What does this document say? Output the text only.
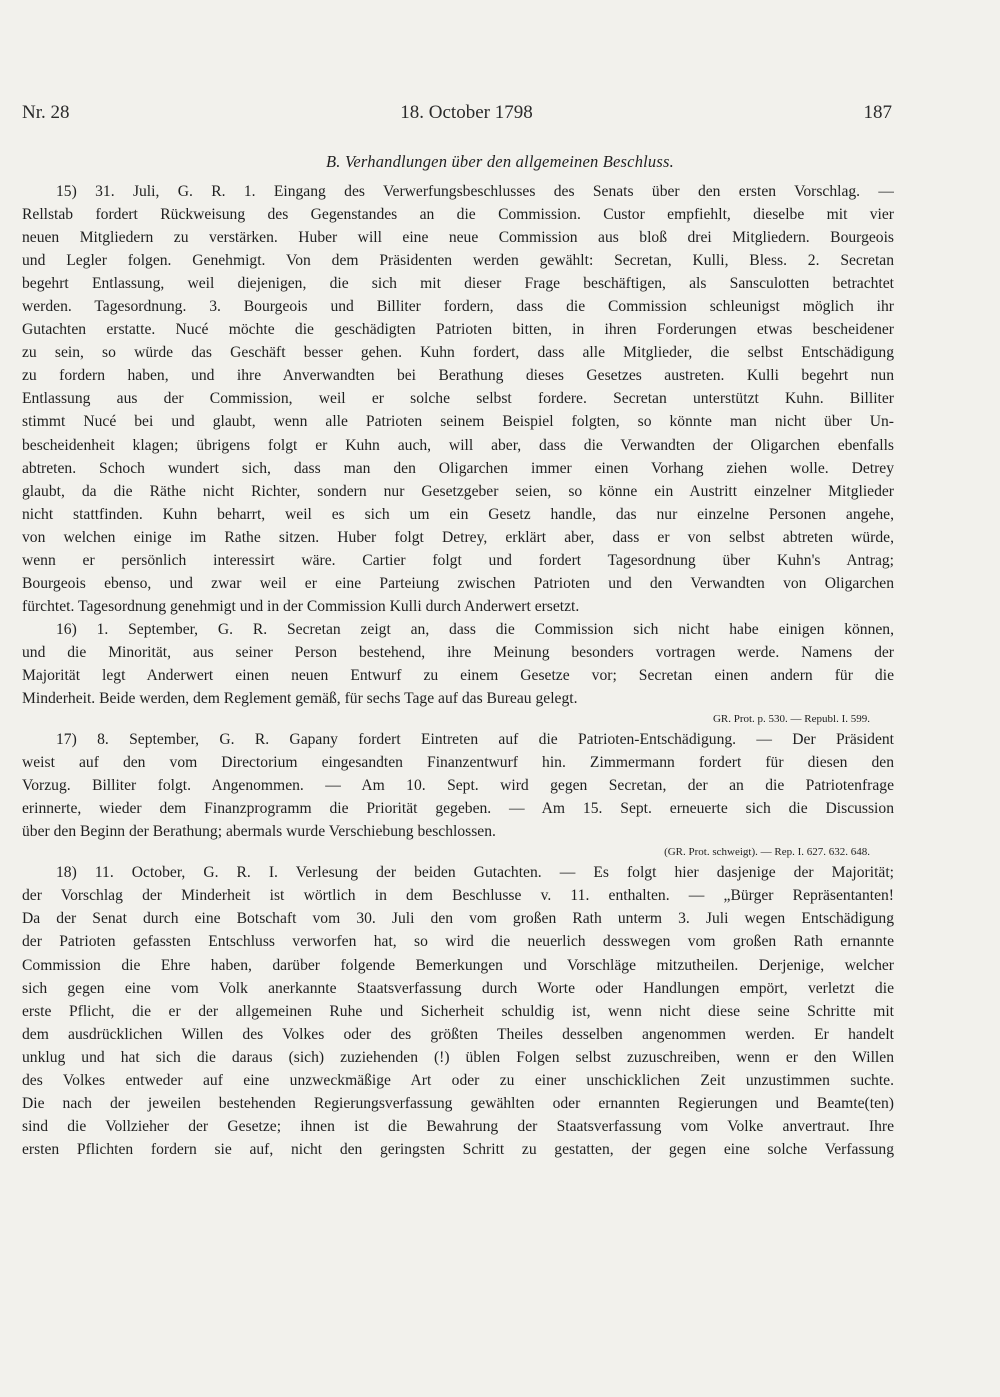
Nr. 28	18. October 1798	187
B. Verhandlungen über den allgemeinen Beschluss.
15) 31. Juli, G. R. 1. Eingang des Verwerfungsbeschlusses des Senats über den ersten Vorschlag. —
Rellstab fordert Rückweisung des Gegenstandes an die Commission. Custor empfiehlt, dieselbe mit vier
neuen Mitgliedern zu verstärken. Huber will eine neue Commission aus bloß drei Mitgliedern. Bourgeois
und Legler folgen. Genehmigt. Von dem Präsidenten werden gewählt: Secretan, Kulli, Bless. 2. Secretan
begehrt Entlassung, weil diejenigen, die sich mit dieser Frage beschäftigen, als Sansculotten betrachtet
werden. Tagesordnung. 3. Bourgeois und Billiter fordern, dass die Commission schleunigst möglich ihr
Gutachten erstatte. Nucé möchte die geschädigten Patrioten bitten, in ihren Forderungen etwas bescheidener
zu sein, so würde das Geschäft besser gehen. Kuhn fordert, dass alle Mitglieder, die selbst Entschädigung
zu fordern haben, und ihre Anverwandten bei Berathung dieses Gesetzes austreten. Kulli begehrt nun
Entlassung aus der Commission, weil er solche selbst fordere. Secretan unterstützt Kuhn. Billiter
stimmt Nucé bei und glaubt, wenn alle Patrioten seinem Beispiel folgten, so könnte man nicht über Un-
bescheidenheit klagen; übrigens folgt er Kuhn auch, will aber, dass die Verwandten der Oligarchen ebenfalls
abtreten. Schoch wundert sich, dass man den Oligarchen immer einen Vorhang ziehen wolle. Detrey
glaubt, da die Räthe nicht Richter, sondern nur Gesetzgeber seien, so könne ein Austritt einzelner Mitglieder
nicht stattfinden. Kuhn beharrt, weil es sich um ein Gesetz handle, das nur einzelne Personen angehe,
von welchen einige im Rathe sitzen. Huber folgt Detrey, erklärt aber, dass er von selbst abtreten würde,
wenn er persönlich interessirt wäre. Cartier folgt und fordert Tagesordnung über Kuhn's Antrag;
Bourgeois ebenso, und zwar weil er eine Parteiung zwischen Patrioten und den Verwandten von Oligarchen
fürchtet. Tagesordnung genehmigt und in der Commission Kulli durch Anderwert ersetzt.
16) 1. September, G. R. Secretan zeigt an, dass die Commission sich nicht habe einigen können,
und die Minorität, aus seiner Person bestehend, ihre Meinung besonders vortragen werde. Namens der
Majorität legt Anderwert einen neuen Entwurf zu einem Gesetze vor; Secretan einen andern für die
Minderheit. Beide werden, dem Reglement gemäß, für sechs Tage auf das Bureau gelegt.
GR. Prot. p. 530. — Republ. I. 599.
17) 8. September, G. R. Gapany fordert Eintreten auf die Patrioten-Entschädigung. — Der Präsident
weist auf den vom Directorium eingesandten Finanzentwurf hin. Zimmermann fordert für diesen den
Vorzug. Billiter folgt. Angenommen. — Am 10. Sept. wird gegen Secretan, der an die Patriotenfrage
erinnerte, wieder dem Finanzprogramm die Priorität gegeben. — Am 15. Sept. erneuerte sich die Discussion
über den Beginn der Berathung; abermals wurde Verschiebung beschlossen.
(GR. Prot. schweigt). — Rep. I. 627. 632. 648.
18) 11. October, G. R. I. Verlesung der beiden Gutachten. — Es folgt hier dasjenige der Majorität;
der Vorschlag der Minderheit ist wörtlich in dem Beschlusse v. 11. enthalten. — „Bürger Repräsentanten!
Da der Senat durch eine Botschaft vom 30. Juli den vom großen Rath unterm 3. Juli wegen Entschädigung
der Patrioten gefassten Entschluss verworfen hat, so wird die neuerlich desswegen vom großen Rath ernannte
Commission die Ehre haben, darüber folgende Bemerkungen und Vorschläge mitzutheilen. Derjenige, welcher
sich gegen eine vom Volk anerkannte Staatsverfassung durch Worte oder Handlungen empört, verletzt die
erste Pflicht, die er der allgemeinen Ruhe und Sicherheit schuldig ist, wenn nicht diese seine Schritte mit
dem ausdrücklichen Willen des Volkes oder des größten Theiles desselben angenommen werden. Er handelt
unklug und hat sich die daraus (sich) zuziehenden (!) üblen Folgen selbst zuzuschreiben, wenn er den Willen
des Volkes entweder auf eine unzweckmäßige Art oder zu einer unschicklichen Zeit unzustimmen suchte.
Die nach der jeweilen bestehenden Regierungsverfassung gewählten oder ernannten Regierungen und Beamte(ten)
sind die Vollzieher der Gesetze; ihnen ist die Bewahrung der Staatsverfassung vom Volke anvertraut. Ihre
ersten Pflichten fordern sie auf, nicht den geringsten Schritt zu gestatten, der gegen eine solche Verfassung
